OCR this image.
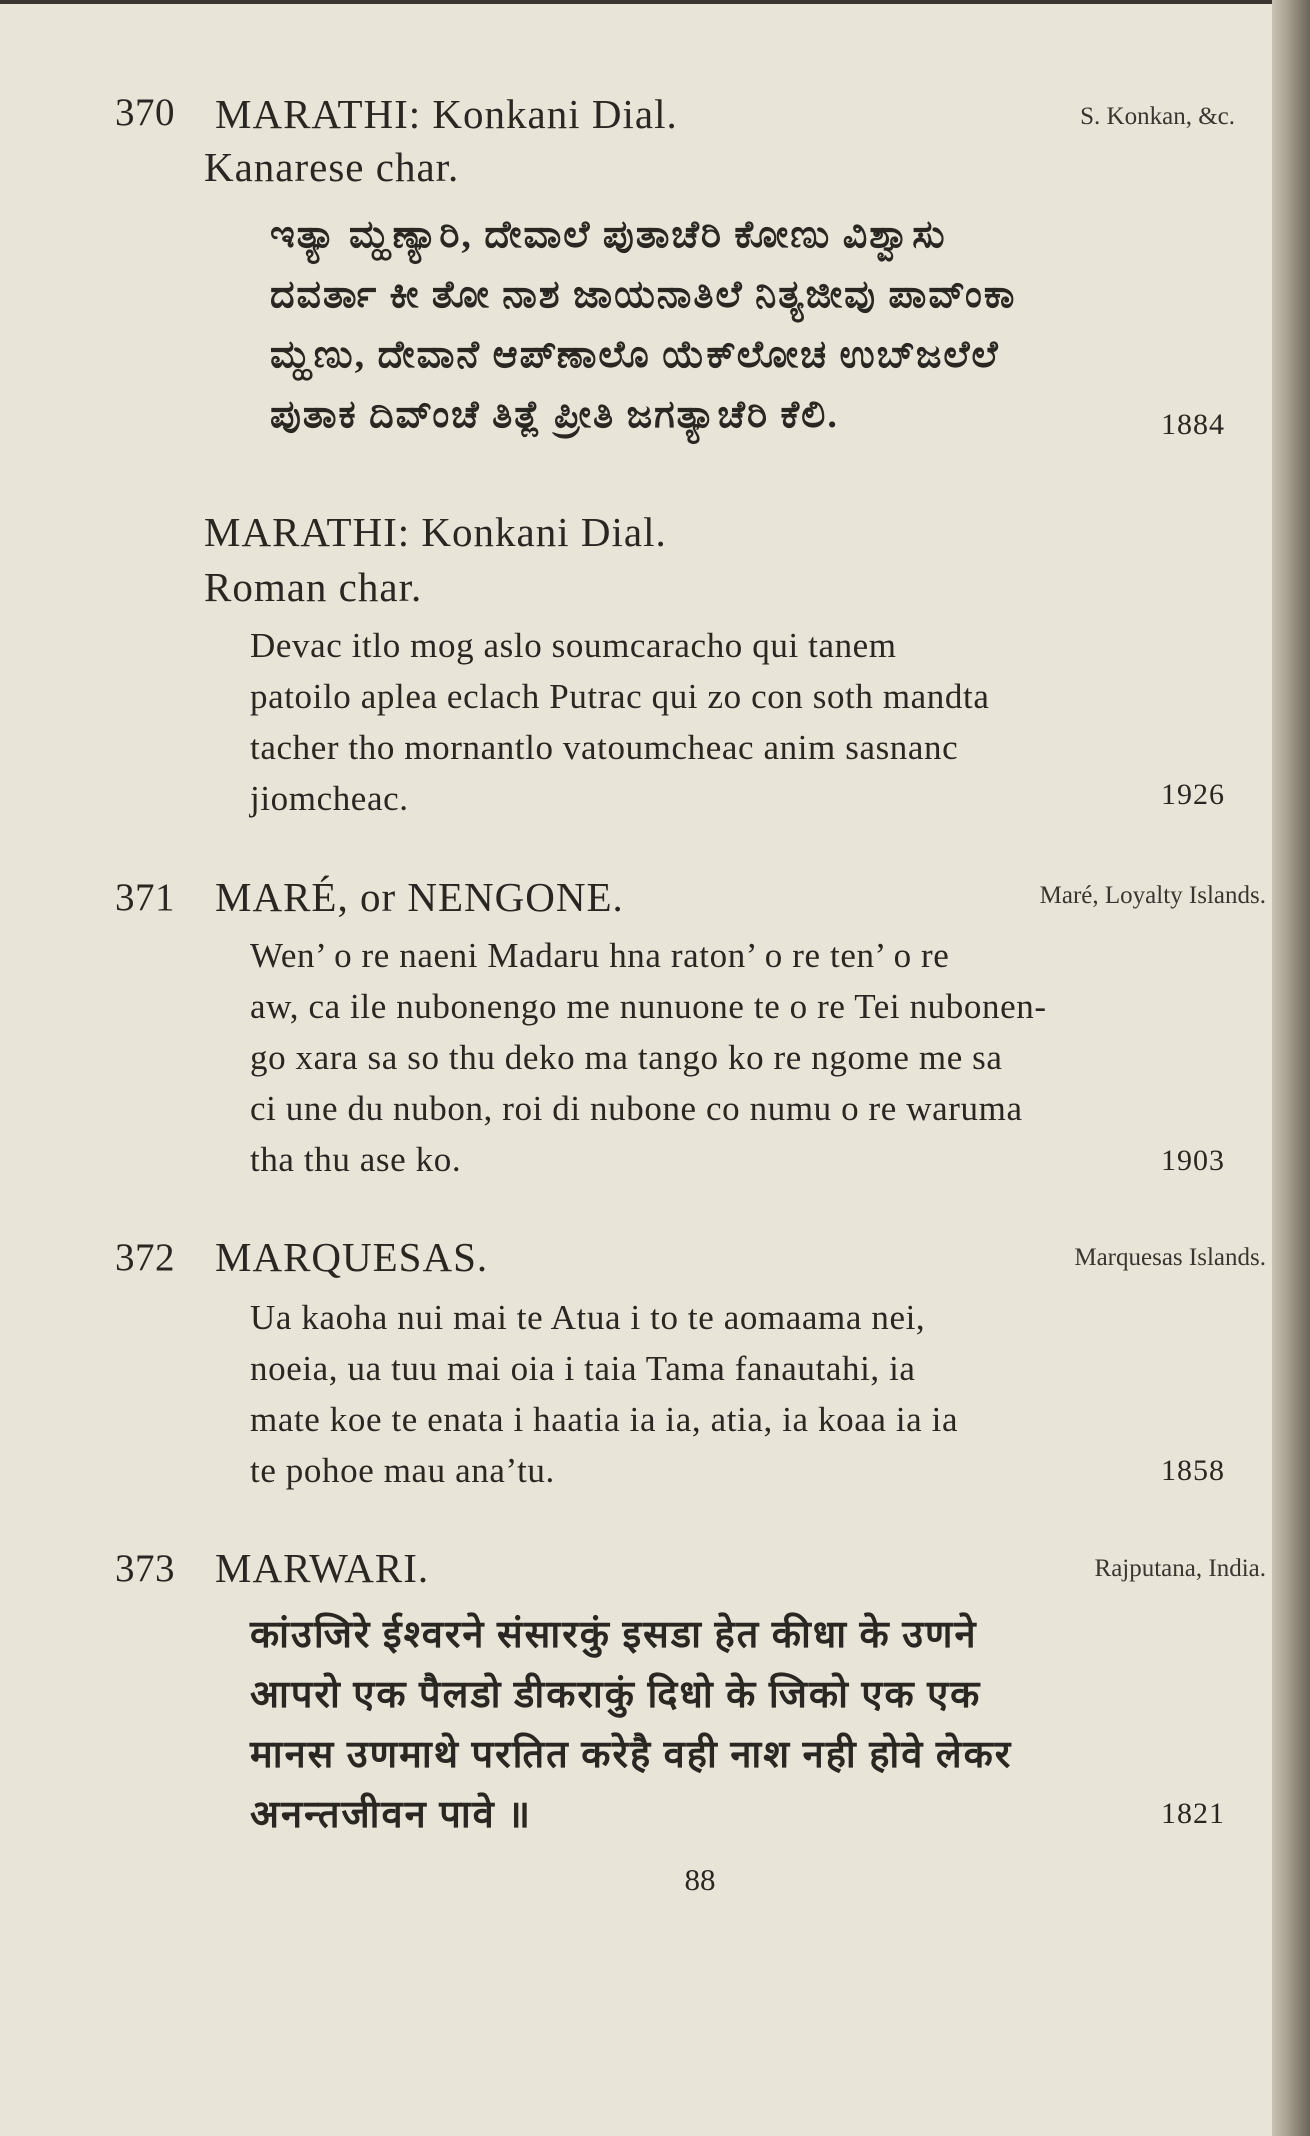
370 MARATHI: Konkani Dial.	S. Konkan, &c.
Kanarese char.
ಇತ್ಯಾ ಮ್ಹಣ್ಯಾರಿ, ದೇವಾಲೆ ಪುತಾಚೆರಿ ಕೋಣು ವಿಶ್ವಾಸು
ದವರ್ತಾ ಕೀ ತೋ ನಾಶ ಜಾಯನಾತಿಲೆ ನಿತ್ಯಜೀವು ಪಾವ್‍ಂಕಾ
ಮ್ಹಣು, ದೇವಾನೆ ಆಪ್‍ಣಾಲೊ ಯೆಕ್‍ಲೋಚ ಉಬ್‍ಜಲೆಲೆ
ಪುತಾಕ ದಿವ್‍ಂಚೆ ತಿತ್ಲೆ ಪ್ರೀತಿ ಜಗತ್ಯಾಚೆರಿ ಕೆಲಿ.	1884
MARATHI: Konkani Dial.
Roman char.
Devac itlo mog aslo soumcaracho qui tanem
patoilo aplea eclach Putrac qui zo con soth mandta
tacher tho mornantlo vatoumcheac anim sasnanc
jiomcheac.	1926
371 MARÉ, or NENGONE.	Maré, Loyalty Islands.
Wen’ o re naeni Madaru hna raton’ o re ten’ o re
aw, ca ile nubonengo me nunuone te o re Tei nubonen-
go xara sa so thu deko ma tango ko re ngome me sa
ci une du nubon, roi di nubone co numu o re waruma
tha thu ase ko.	1903
372 MARQUESAS.	Marquesas Islands.
Ua kaoha nui mai te Atua i to te aomaama nei,
noeia, ua tuu mai oia i taia Tama fanautahi, ia
mate koe te enata i haatia ia ia, atia, ia koaa ia ia
te pohoe mau ana’tu.	1858
373 MARWARI.	Rajputana, India.
कांउजिरे ईश्वरने संसारकुं इसडा हेत कीधा के उणने
आपरो एक पैलडो डीकराकुं दिधो के जिको एक एक
मानस उणमाथे परतित करेहै वही नाश नही होवे लेकर
अनन्तजीवन पावे ॥	1821
88
